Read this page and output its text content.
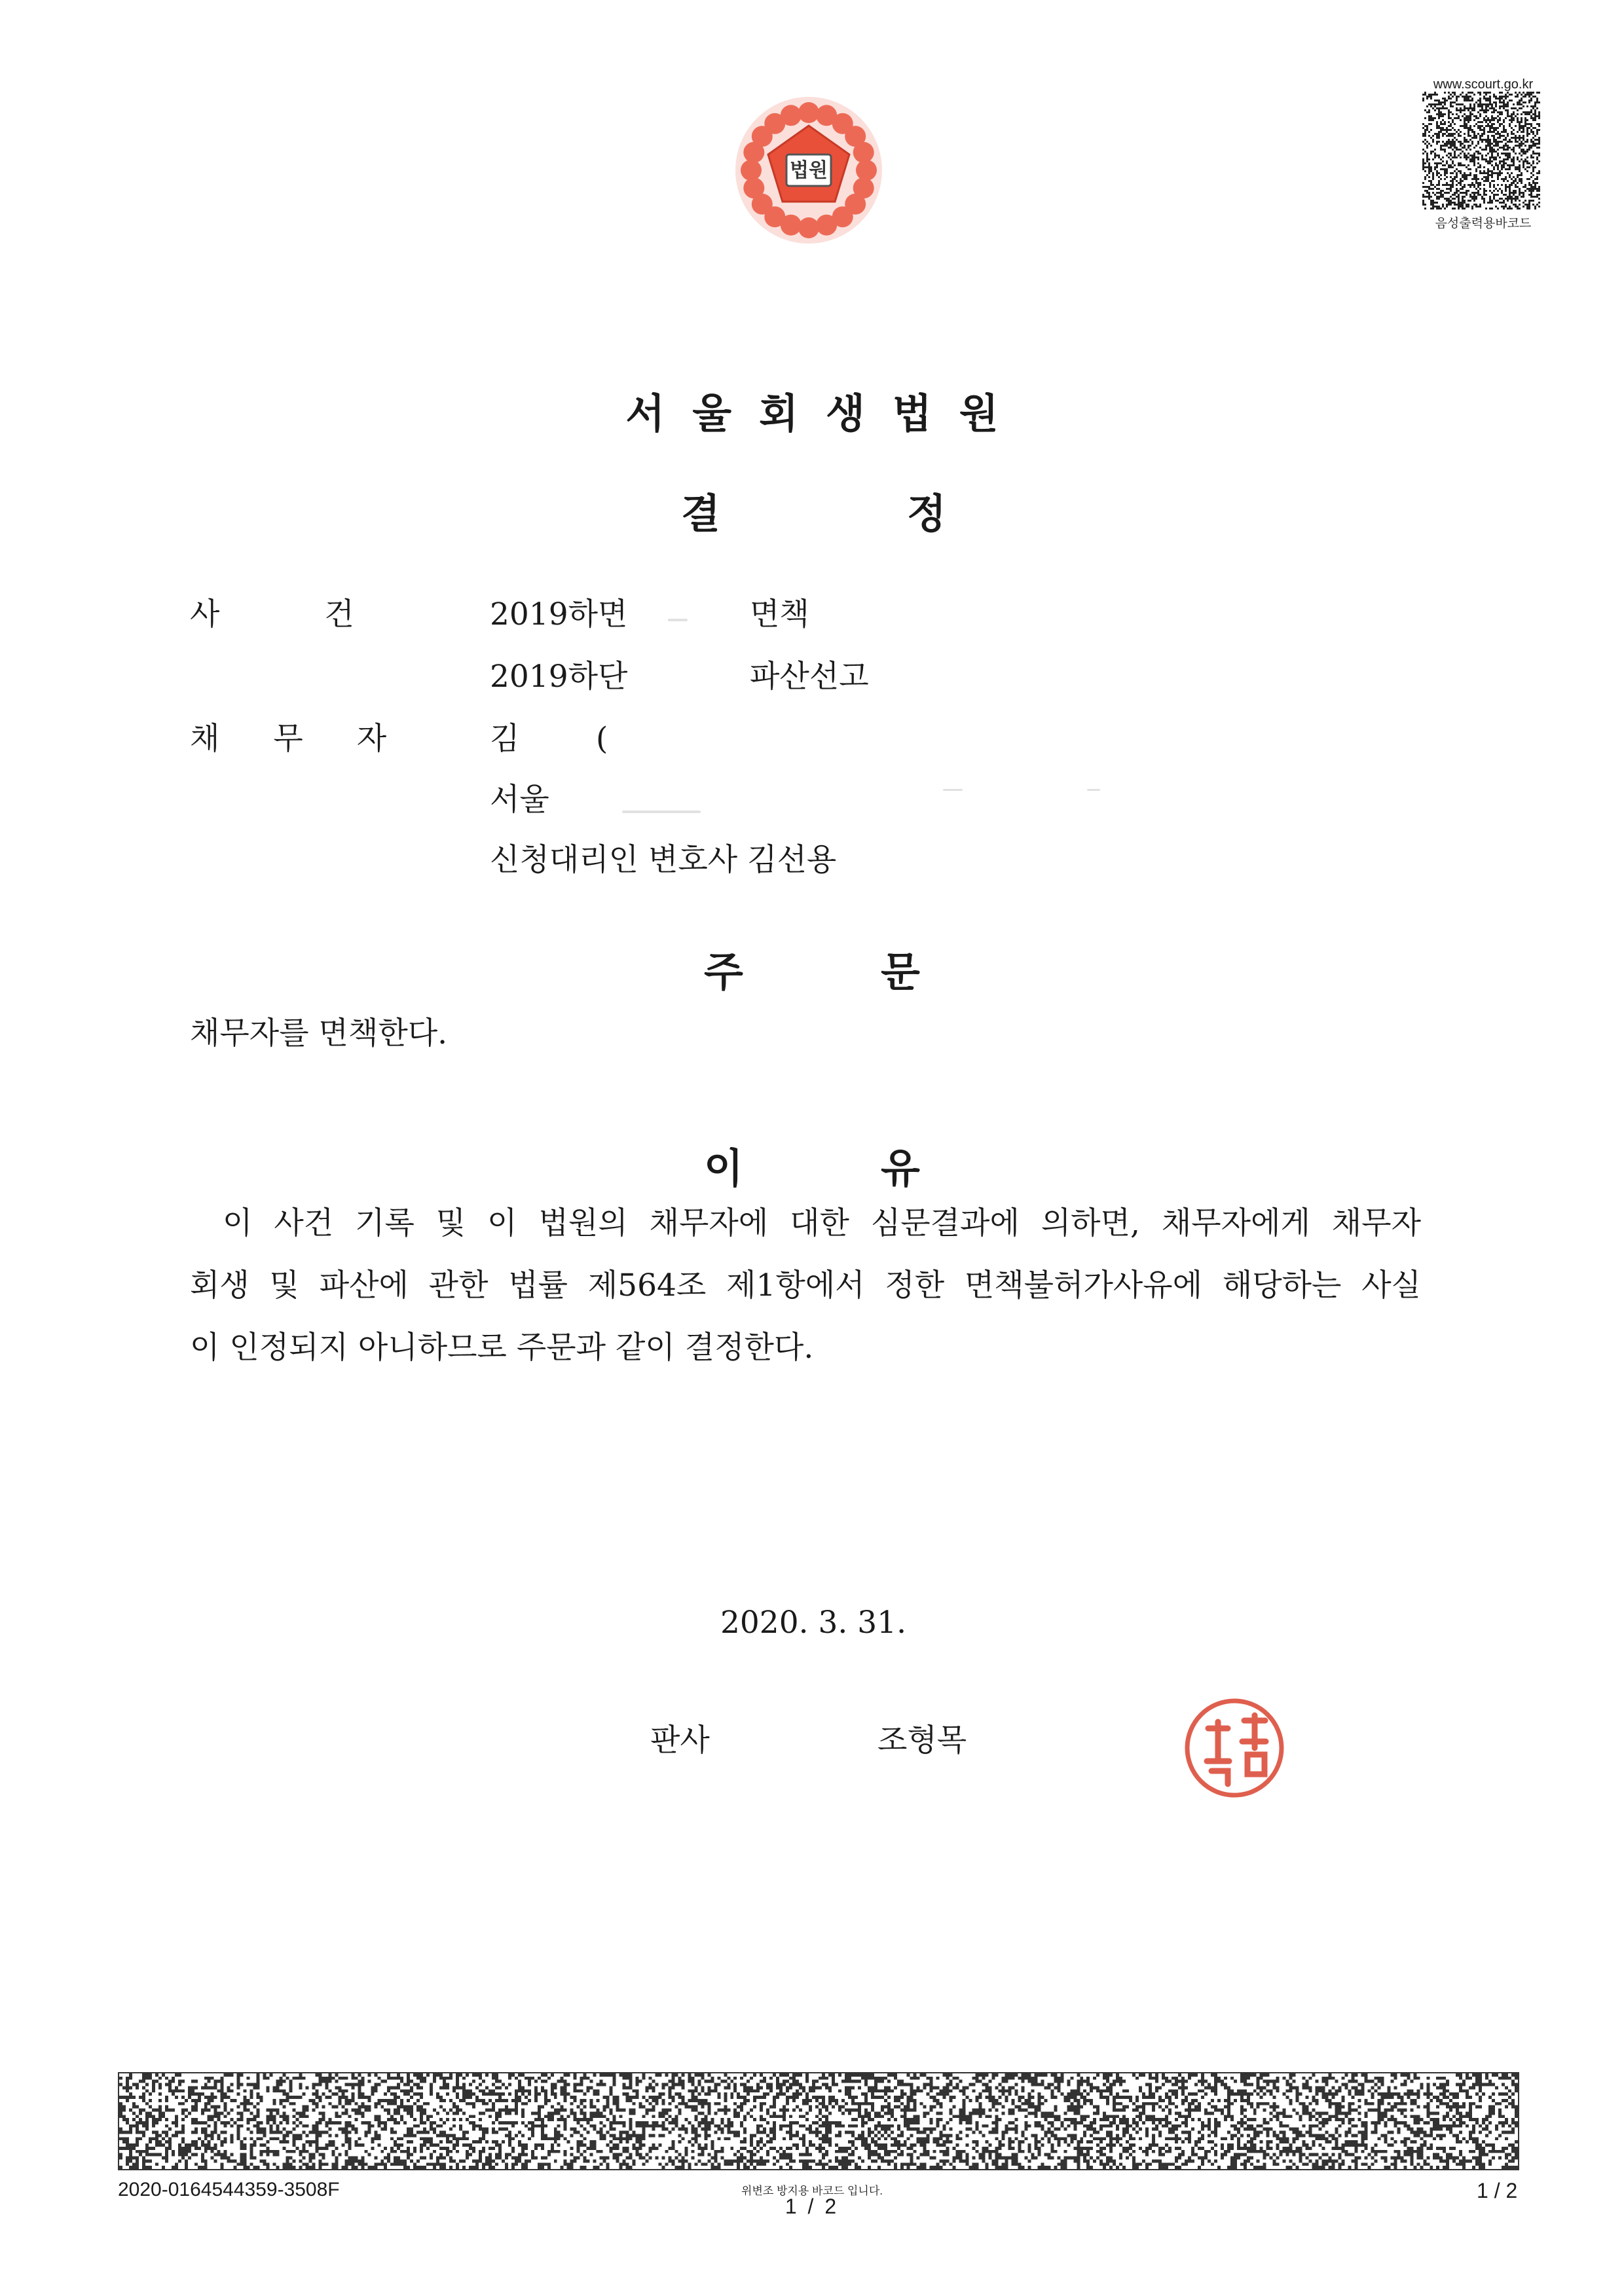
법원
www.scourt.go.kr
음성출력용바코드
서울회생법원
결	정
사건 2019하면	면책
2019하단	파산선고
채무자 김 (
서울
신청대리인 변호사 김선용
주	문
채무자를 면책한다.
이	유
이 사건 기록 및 이 법원의 채무자에 대한 심문결과에 의하면, 채무자에게 채무자
회생 및 파산에 관한 법률 제564조 제1항에서 정한 면책불허가사유에 해당하는 사실
이 인정되지 아니하므로 주문과 같이 결정한다.
2020. 3. 31.
판사	조형목
2020-0164544359-3508F	위변조 방지용 바코드 입니다.
1 / 2
1 / 2
